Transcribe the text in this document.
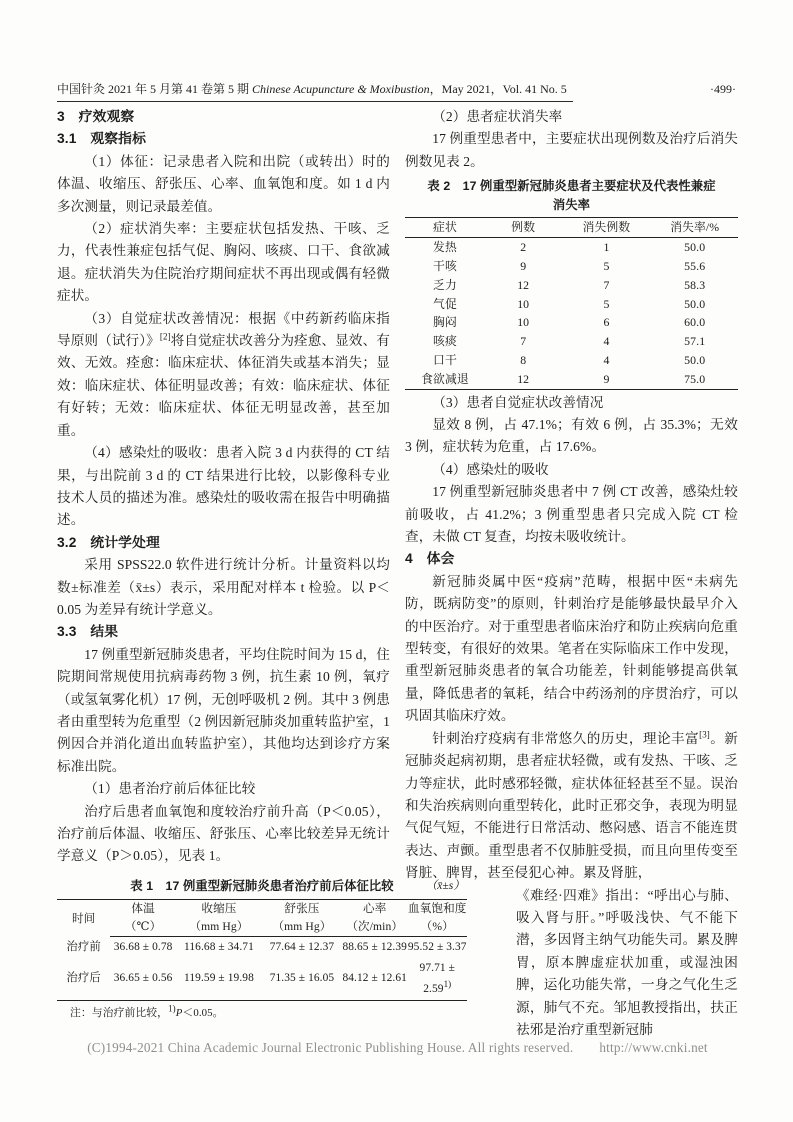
中国针灸 2021 年 5 月第 41 卷第 5 期 Chinese Acupuncture & Moxibustion，May 2021，Vol. 41 No. 5	·499·

3　疗效观察

3.1　观察指标

（1）体征：记录患者入院和出院（或转出）时的体温、收缩压、舒张压、心率、血氧饱和度。如 1 d 内多次测量，则记录最差值。

（2）症状消失率：主要症状包括发热、干咳、乏力，代表性兼症包括气促、胸闷、咳痰、口干、食欲减退。症状消失为住院治疗期间症状不再出现或偶有轻微症状。

（3）自觉症状改善情况：根据《中药新药临床指导原则（试行）》[2]将自觉症状改善分为痊愈、显效、有效、无效。痊愈：临床症状、体征消失或基本消失；显效：临床症状、体征明显改善；有效：临床症状、体征有好转；无效：临床症状、体征无明显改善，甚至加重。

（4）感染灶的吸收：患者入院 3 d 内获得的 CT 结果，与出院前 3 d 的 CT 结果进行比较，以影像科专业技术人员的描述为准。感染灶的吸收需在报告中明确描述。

3.2　统计学处理

采用 SPSS22.0 软件进行统计分析。计量资料以均数±标准差（x̄±s）表示，采用配对样本 t 检验。以 P＜0.05 为差异有统计学意义。

3.3　结果

17 例重型新冠肺炎患者，平均住院时间为 15 d，住院期间常规使用抗病毒药物 3 例，抗生素 10 例，氧疗（或氢氧雾化机）17 例，无创呼吸机 2 例。其中 3 例患者由重型转为危重型（2 例因新冠肺炎加重转监护室，1 例因合并消化道出血转监护室），其他均达到诊疗方案标准出院。

（1）患者治疗前后体征比较

治疗后患者血氧饱和度较治疗前升高（P＜0.05），治疗前后体温、收缩压、舒张压、心率比较差异无统计学意义（P＞0.05），见表 1。

表 1　17 例重型新冠肺炎患者治疗前后体征比较	（x̄±s）
时间	体温	收缩压	舒张压	心率	血氧饱和度
	（℃）	（mm Hg）	（mm Hg）	（次/min）	（%）
治疗前	36.68 ± 0.78	116.68 ± 34.71	77.64 ± 12.37	88.65 ± 12.39	95.52 ± 3.37
治疗后	36.65 ± 0.56	119.59 ± 19.98	71.35 ± 16.05	84.12 ± 12.61	97.71 ± 2.59$^{1)}$
注：与治疗前比较，$^{1)}$P＜0.05。

（2）患者症状消失率

17 例重型患者中，主要症状出现例数及治疗后消失例数见表 2。

表 2　17 例重型新冠肺炎患者主要症状及代表性兼症
消失率
症状	例数	消失例数	消失率/%
发热	2	1	50.0
干咳	9	5	55.6
乏力	12	7	58.3
气促	10	5	50.0
胸闷	10	6	60.0
咳痰	7	4	57.1
口干	8	4	50.0
食欲减退	12	9	75.0

（3）患者自觉症状改善情况

显效 8 例，占 47.1%；有效 6 例，占 35.3%；无效 3 例，症状转为危重，占 17.6%。

（4）感染灶的吸收

17 例重型新冠肺炎患者中 7 例 CT 改善，感染灶较前吸收，占 41.2%；3 例重型患者只完成入院 CT 检查，未做 CT 复查，均按未吸收统计。

4　体会

新冠肺炎属中医“疫病”范畴，根据中医“未病先防，既病防变”的原则，针刺治疗是能够最快最早介入的中医治疗。对于重型患者临床治疗和防止疾病向危重型转变，有很好的效果。笔者在实际临床工作中发现，重型新冠肺炎患者的氧合功能差，针刺能够提高供氧量，降低患者的氧耗，结合中药汤剂的序贯治疗，可以巩固其临床疗效。

针刺治疗疫病有非常悠久的历史，理论丰富[3]。新冠肺炎起病初期，患者症状轻微，或有发热、干咳、乏力等症状，此时感邪轻微，症状体征轻甚至不显。误治和失治疾病则向重型转化，此时正邪交争，表现为明显气促气短，不能进行日常活动、憋闷感、语言不能连贯表达、声颤。重型患者不仅肺脏受损，而且向里传变至肾脏、脾胃，甚至侵犯心神。累及肾脏，

《难经·四难》指出：“呼出心与肺、吸入肾与肝。”呼吸浅快、气不能下潜，多因肾主纳气功能失司。累及脾胃，原本脾虚症状加重，或湿浊困脾，运化功能失常，一身之气化生乏源，肺气不充。邹旭教授指出，扶正祛邪是治疗重型新冠肺
(C)1994-2021 China Academic Journal Electronic Publishing House. All rights reserved. http://www.cnki.net
